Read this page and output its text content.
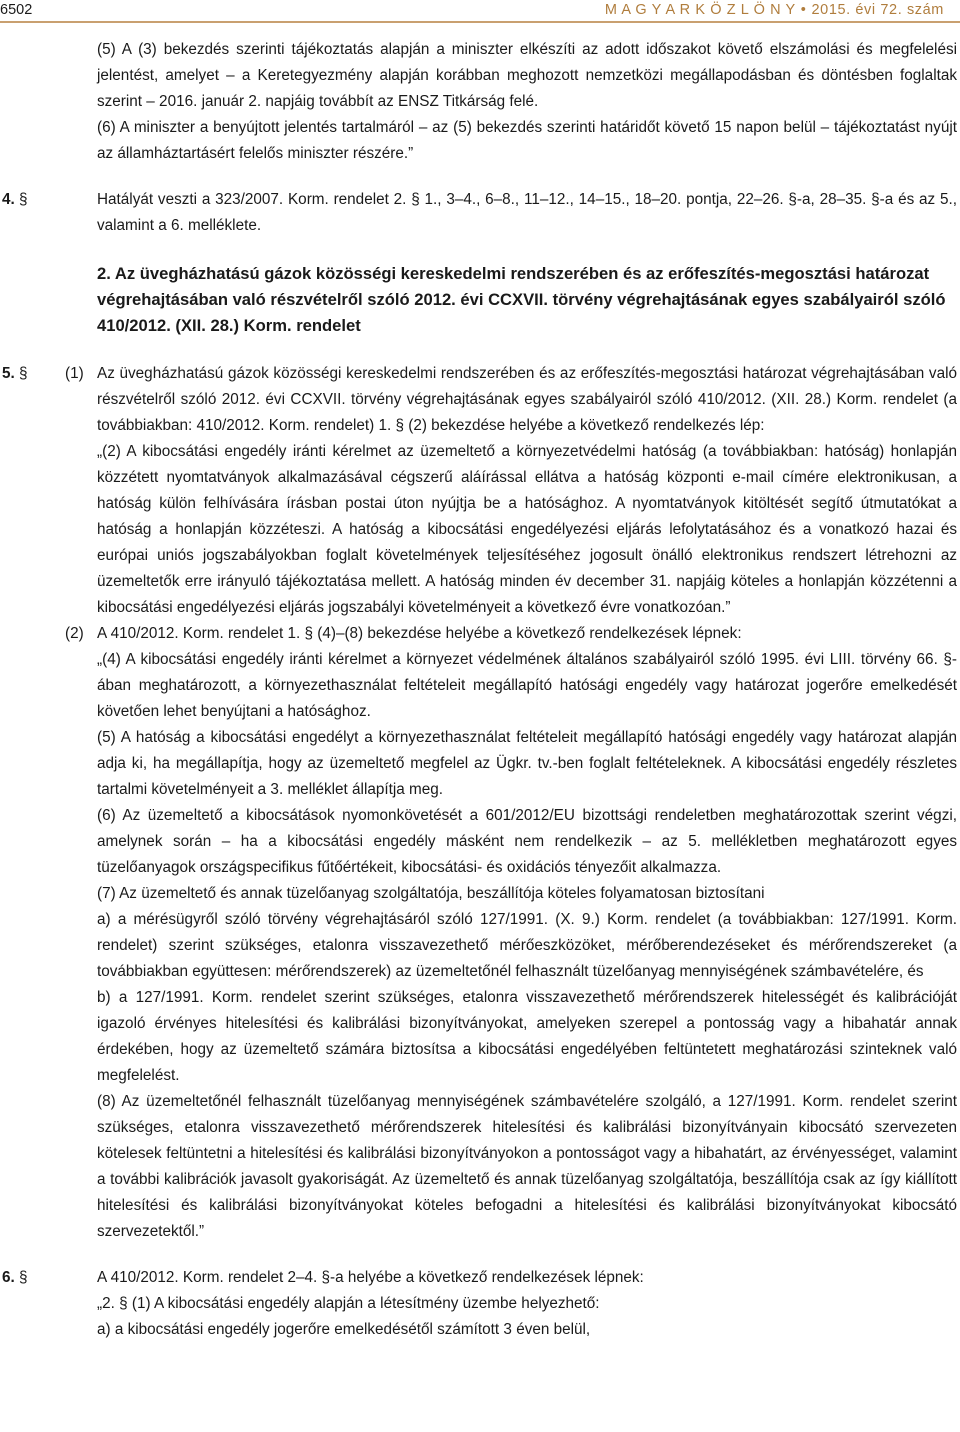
6502	M A G Y A R K Ö Z L Ö N Y • 2015. évi 72. szám

(5) A (3) bekezdés szerinti tájékoztatás alapján a miniszter elkészíti az adott időszakot követő elszámolási és megfelelési jelentést, amelyet – a Keretegyezmény alapján korábban meghozott nemzetközi megállapodásban és döntésben foglaltak szerint – 2016. január 2. napjáig továbbít az ENSZ Titkárság felé.

(6) A miniszter a benyújtott jelentés tartalmáról – az (5) bekezdés szerinti határidőt követő 15 napon belül – tájékoztatást nyújt az államháztartásért felelős miniszter részére.”

4. §	Hatályát veszti a 323/2007. Korm. rendelet 2. § 1., 3–4., 6–8., 11–12., 14–15., 18–20. pontja, 22–26. §-a, 28–35. §-a és az 5., valamint a 6. melléklete.

2. Az üvegházhatású gázok közösségi kereskedelmi rendszerében és az erőfeszítés-megosztási határozat végrehajtásában való részvételről szóló 2012. évi CCXVII. törvény végrehajtásának egyes szabályairól szóló 410/2012. (XII. 28.) Korm. rendelet

5. § (1) Az üvegházhatású gázok közösségi kereskedelmi rendszerében és az erőfeszítés-megosztási határozat végrehajtásában való részvételről szóló 2012. évi CCXVII. törvény végrehajtásának egyes szabályairól szóló 410/2012. (XII. 28.) Korm. rendelet (a továbbiakban: 410/2012. Korm. rendelet) 1. § (2) bekezdése helyébe a következő rendelkezés lép:

„(2) A kibocsátási engedély iránti kérelmet az üzemeltető a környezetvédelmi hatóság (a továbbiakban: hatóság) honlapján közzétett nyomtatványok alkalmazásával cégszerű aláírással ellátva a hatóság központi e-mail címére elektronikusan, a hatóság külön felhívására írásban postai úton nyújtja be a hatósághoz. A nyomtatványok kitöltését segítő útmutatókat a hatóság a honlapján közzéteszi. A hatóság a kibocsátási engedélyezési eljárás lefolytatásához és a vonatkozó hazai és európai uniós jogszabályokban foglalt követelmények teljesítéséhez jogosult önálló elektronikus rendszert létrehozni az üzemeltetők erre irányuló tájékoztatása mellett. A hatóság minden év december 31. napjáig köteles a honlapján közzétenni a kibocsátási engedélyezési eljárás jogszabályi követelményeit a következő évre vonatkozóan.”

(2) A 410/2012. Korm. rendelet 1. § (4)–(8) bekezdése helyébe a következő rendelkezések lépnek:

„(4) A kibocsátási engedély iránti kérelmet a környezet védelmének általános szabályairól szóló 1995. évi LIII. törvény 66. §-ában meghatározott, a környezethasználat feltételeit megállapító hatósági engedély vagy határozat jogerőre emelkedését követően lehet benyújtani a hatósághoz.

(5) A hatóság a kibocsátási engedélyt a környezethasználat feltételeit megállapító hatósági engedély vagy határozat alapján adja ki, ha megállapítja, hogy az üzemeltető megfelel az Ügkr. tv.-ben foglalt feltételeknek. A kibocsátási engedély részletes tartalmi követelményeit a 3. melléklet állapítja meg.

(6) Az üzemeltető a kibocsátások nyomonkövetését a 601/2012/EU bizottsági rendeletben meghatározottak szerint végzi, amelynek során – ha a kibocsátási engedély másként nem rendelkezik – az 5. mellékletben meghatározott egyes tüzelőanyagok országspecifikus fűtőértékeit, kibocsátási- és oxidációs tényezőit alkalmazza.

(7) Az üzemeltető és annak tüzelőanyag szolgáltatója, beszállítója köteles folyamatosan biztosítani

a) a mérésügyről szóló törvény végrehajtásáról szóló 127/1991. (X. 9.) Korm. rendelet (a továbbiakban: 127/1991. Korm. rendelet) szerint szükséges, etalonra visszavezethető mérőeszközöket, mérőberendezéseket és mérőrendszereket (a továbbiakban együttesen: mérőrendszerek) az üzemeltetőnél felhasznált tüzelőanyag mennyiségének számbavételére, és

b) a 127/1991. Korm. rendelet szerint szükséges, etalonra visszavezethető mérőrendszerek hitelességét és kalibrációját igazoló érvényes hitelesítési és kalibrálási bizonyítványokat, amelyeken szerepel a pontosság vagy a hibahatár annak érdekében, hogy az üzemeltető számára biztosítsa a kibocsátási engedélyében feltüntetett meghatározási szinteknek való megfelelést.

(8) Az üzemeltetőnél felhasznált tüzelőanyag mennyiségének számbavételére szolgáló, a 127/1991. Korm. rendelet szerint szükséges, etalonra visszavezethető mérőrendszerek hitelesítési és kalibrálási bizonyítványain kibocsátó szervezeten kötelesek feltüntetni a hitelesítési és kalibrálási bizonyítványokon a pontosságot vagy a hibahatárt, az érvényességet, valamint a további kalibrációk javasolt gyakoriságát. Az üzemeltető és annak tüzelőanyag szolgáltatója, beszállítója csak az így kiállított hitelesítési és kalibrálási bizonyítványokat köteles befogadni a hitelesítési és kalibrálási bizonyítványokat kibocsátó szervezetektől.”

6. §	A 410/2012. Korm. rendelet 2–4. §-a helyébe a következő rendelkezések lépnek:

„2. § (1) A kibocsátási engedély alapján a létesítmény üzembe helyezhető:

a) a kibocsátási engedély jogerőre emelkedésétől számított 3 éven belül,
